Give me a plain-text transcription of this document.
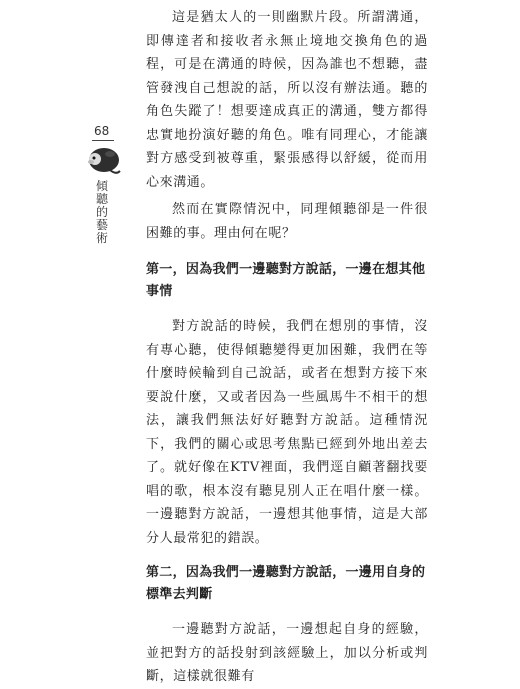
68
傾聽的藝術

這是猶太人的一則幽默片段。所謂溝通，即傳達者和接收者永無止境地交換角色的過程，可是在溝通的時候，因為誰也不想聽，盡管發洩自己想說的話，所以沒有辦法通。聽的角色失蹤了！想要達成真正的溝通，雙方都得忠實地扮演好聽的角色。唯有同理心，才能讓對方感受到被尊重，緊張感得以舒緩，從而用心來溝通。

然而在實際情況中，同理傾聽卻是一件很困難的事。理由何在呢？

第一，因為我們一邊聽對方說話，一邊在想其他事情

對方說話的時候，我們在想別的事情，沒有專心聽，使得傾聽變得更加困難，我們在等什麼時候輪到自己說話，或者在想對方接下來要說什麼，又或者因為一些風馬牛不相干的想法，讓我們無法好好聽對方說話。這種情況下，我們的關心或思考焦點已經到外地出差去了。就好像在KTV裡面，我們逕自顧著翻找要唱的歌，根本沒有聽見別人正在唱什麼一樣。一邊聽對方說話，一邊想其他事情，這是大部分人最常犯的錯誤。

第二，因為我們一邊聽對方說話，一邊用自身的標準去判斷

一邊聽對方說話，一邊想起自身的經驗，並把對方的話投射到該經驗上，加以分析或判斷，這樣就很難有
